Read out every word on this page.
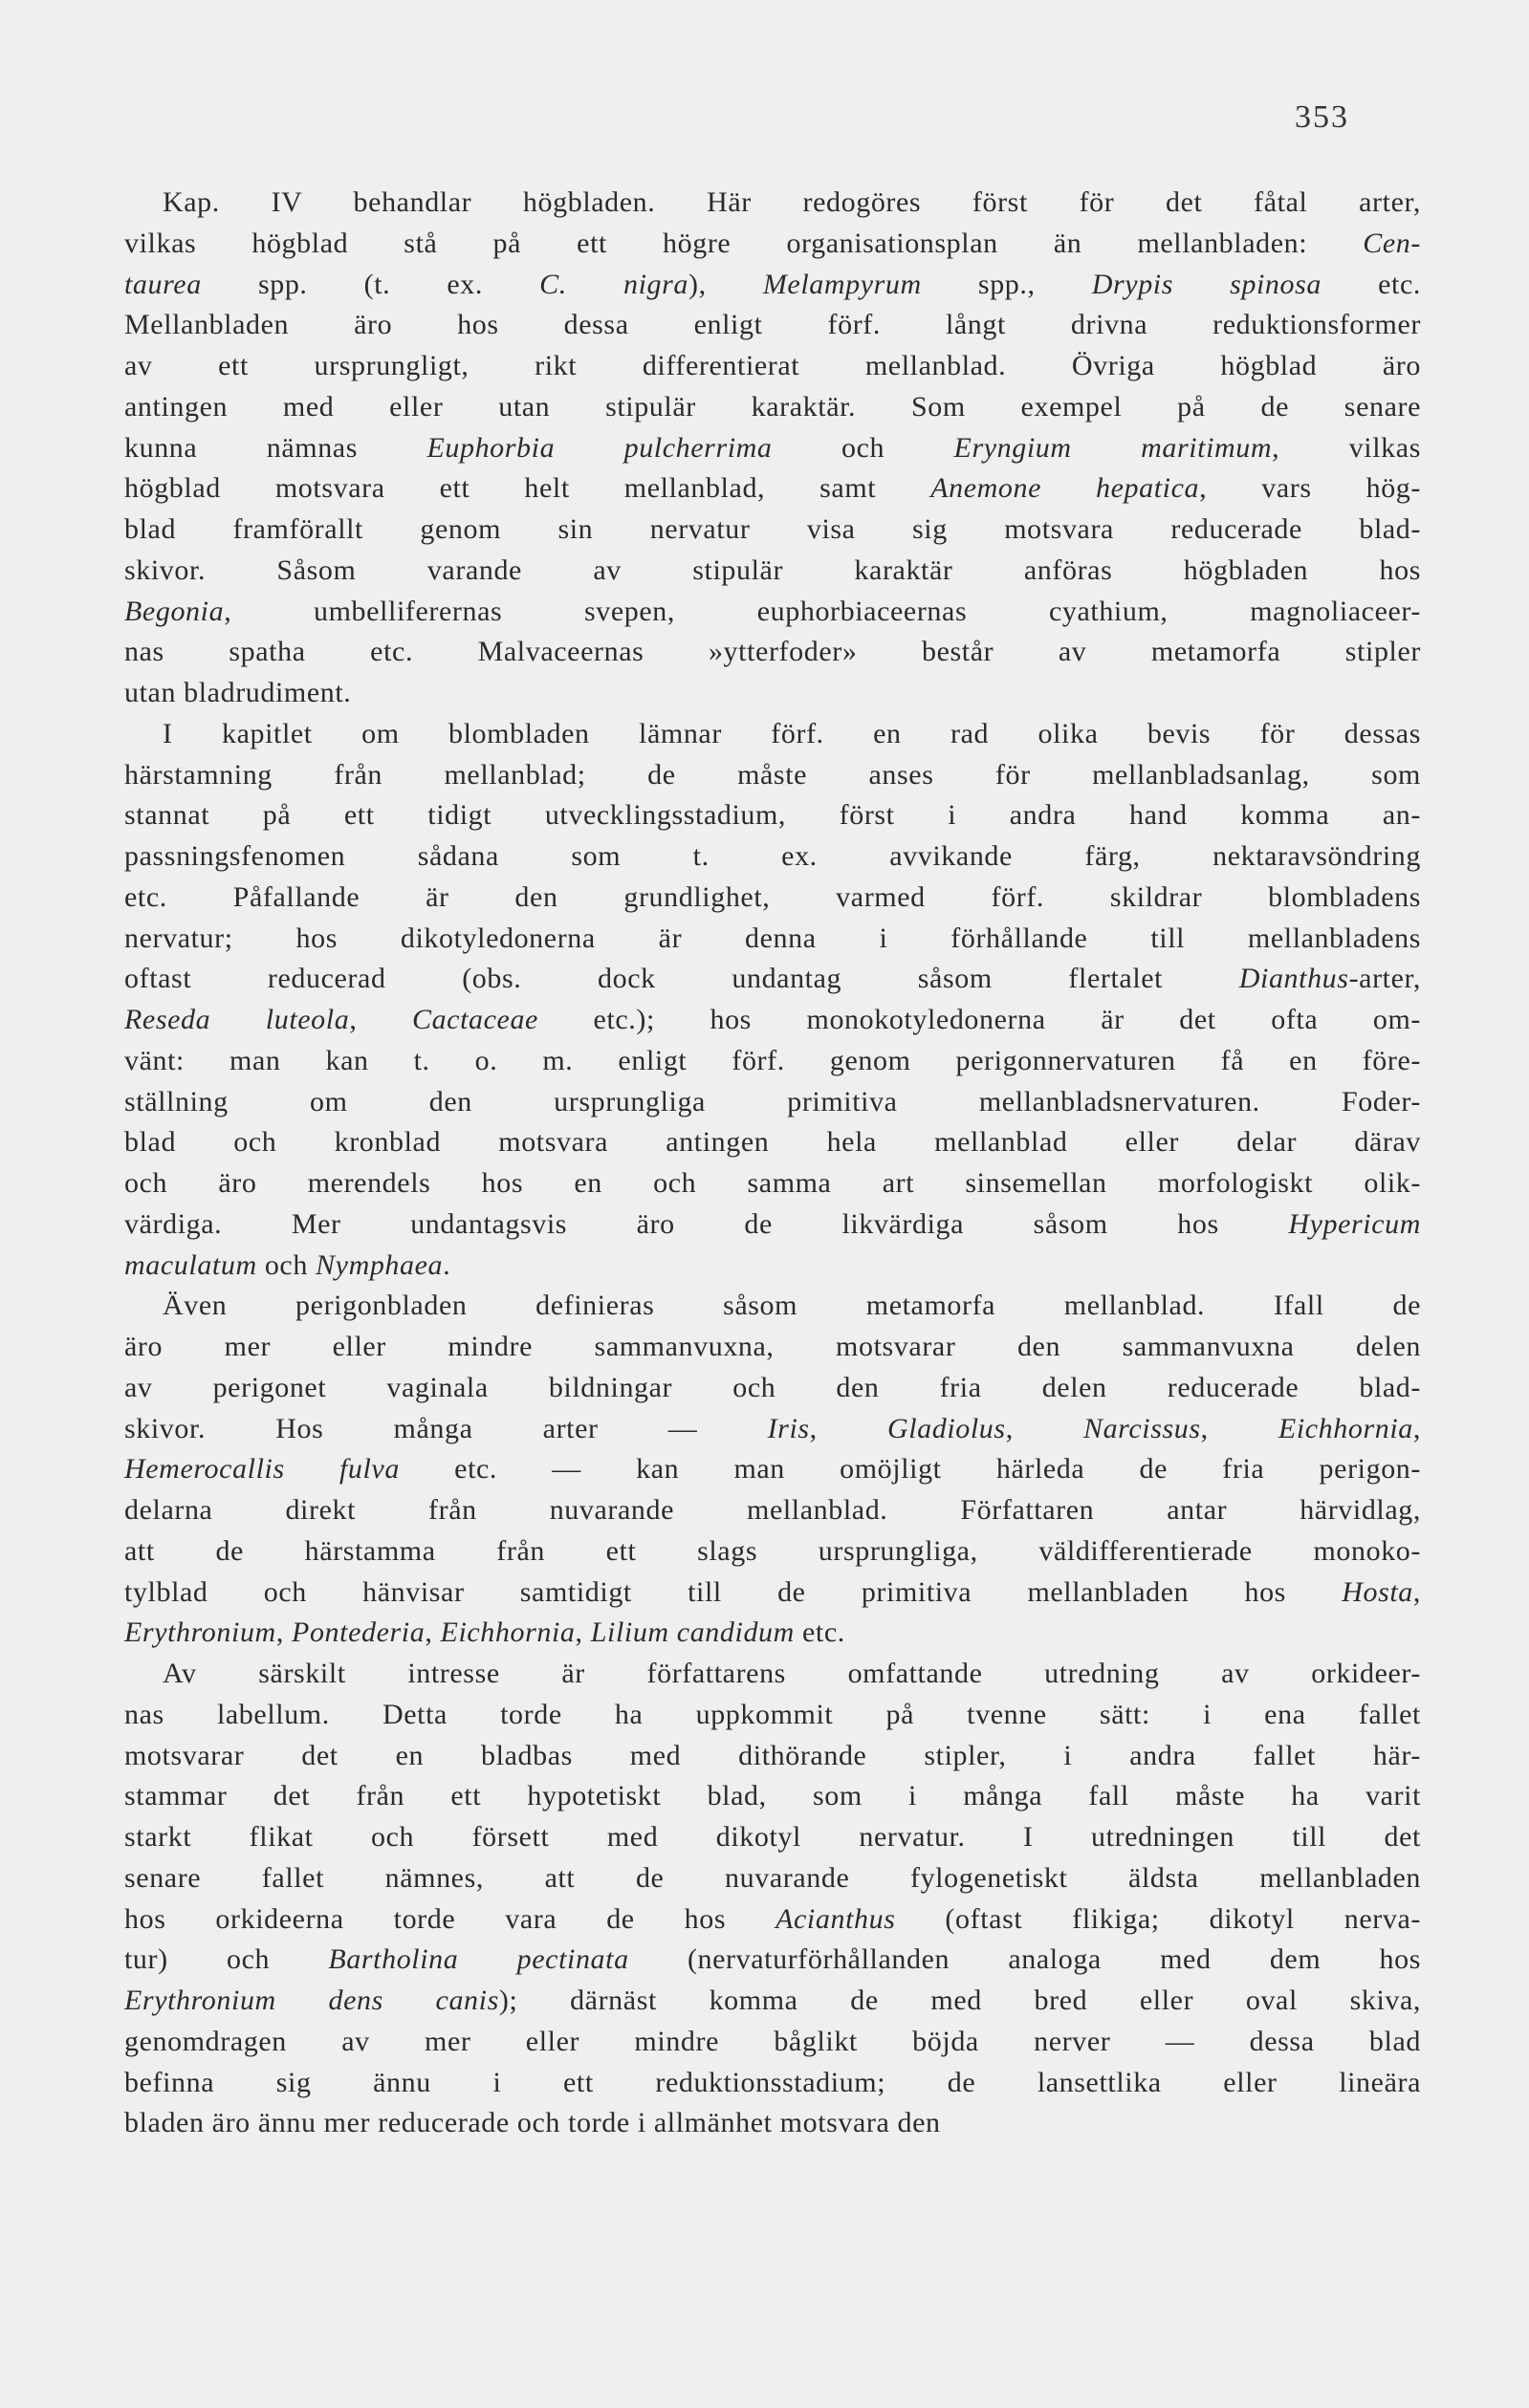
353
Kap. IV behandlar högbladen. Här redogöres först för det fåtal arter,
vilkas högblad stå på ett högre organisationsplan än mellanbladen: Cen-
taurea spp. (t. ex. C. nigra), Melampyrum spp., Drypis spinosa etc.
Mellanbladen äro hos dessa enligt förf. långt drivna reduktionsformer
av ett ursprungligt, rikt differentierat mellanblad. Övriga högblad äro
antingen med eller utan stipulär karaktär. Som exempel på de senare
kunna nämnas Euphorbia pulcherrima och Eryngium maritimum, vilkas
högblad motsvara ett helt mellanblad, samt Anemone hepatica, vars hög-
blad framförallt genom sin nervatur visa sig motsvara reducerade blad-
skivor. Såsom varande av stipulär karaktär anföras högbladen hos
Begonia, umbelliferernas svepen, euphorbiaceernas cyathium, magnoliaceer-
nas spatha etc. Malvaceernas »ytterfoder» består av metamorfa stipler
utan bladrudiment.
I kapitlet om blombladen lämnar förf. en rad olika bevis för dessas
härstamning från mellanblad; de måste anses för mellanbladsanlag, som
stannat på ett tidigt utvecklingsstadium, först i andra hand komma an-
passningsfenomen sådana som t. ex. avvikande färg, nektaravsöndring
etc. Påfallande är den grundlighet, varmed förf. skildrar blombladens
nervatur; hos dikotyledonerna är denna i förhållande till mellanbladens
oftast reducerad (obs. dock undantag såsom flertalet Dianthus-arter,
Reseda luteola, Cactaceae etc.); hos monokotyledonerna är det ofta om-
vänt: man kan t. o. m. enligt förf. genom perigonnervaturen få en före-
ställning om den ursprungliga primitiva mellanbladsnervaturen. Foder-
blad och kronblad motsvara antingen hela mellanblad eller delar därav
och äro merendels hos en och samma art sinsemellan morfologiskt olik-
värdiga. Mer undantagsvis äro de likvärdiga såsom hos Hypericum
maculatum och Nymphaea.
Även perigonbladen definieras såsom metamorfa mellanblad. Ifall de
äro mer eller mindre sammanvuxna, motsvarar den sammanvuxna delen
av perigonet vaginala bildningar och den fria delen reducerade blad-
skivor. Hos många arter — Iris, Gladiolus, Narcissus, Eichhornia,
Hemerocallis fulva etc. — kan man omöjligt härleda de fria perigon-
delarna direkt från nuvarande mellanblad. Författaren antar härvidlag,
att de härstamma från ett slags ursprungliga, väldifferentierade monoko-
tylblad och hänvisar samtidigt till de primitiva mellanbladen hos Hosta,
Erythronium, Pontederia, Eichhornia, Lilium candidum etc.
Av särskilt intresse är författarens omfattande utredning av orkideer-
nas labellum. Detta torde ha uppkommit på tvenne sätt: i ena fallet
motsvarar det en bladbas med dithörande stipler, i andra fallet här-
stammar det från ett hypotetiskt blad, som i många fall måste ha varit
starkt flikat och försett med dikotyl nervatur. I utredningen till det
senare fallet nämnes, att de nuvarande fylogenetiskt äldsta mellanbladen
hos orkideerna torde vara de hos Acianthus (oftast flikiga; dikotyl nerva-
tur) och Bartholina pectinata (nervaturförhållanden analoga med dem hos
Erythronium dens canis); därnäst komma de med bred eller oval skiva,
genomdragen av mer eller mindre båglikt böjda nerver — dessa blad
befinna sig ännu i ett reduktionsstadium; de lansettlika eller lineära
bladen äro ännu mer reducerade och torde i allmänhet motsvara den
